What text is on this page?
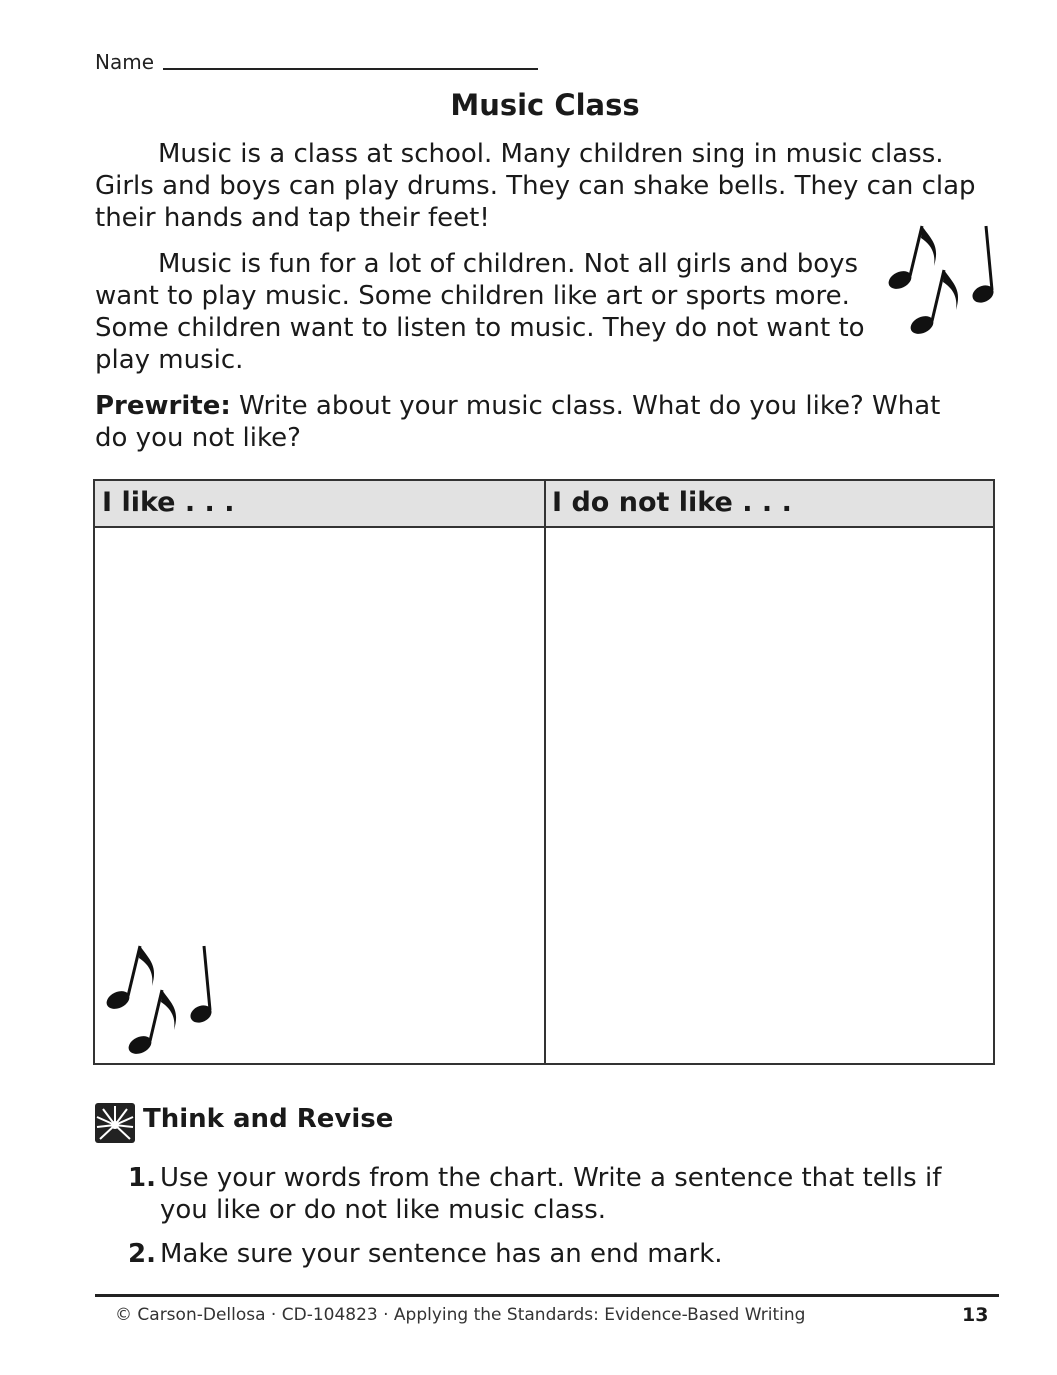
Name
Music Class

Music is a class at school. Many children sing in music class. Girls and boys can play drums. They can shake bells. They can clap their hands and tap their feet!

Music is fun for a lot of children. Not all girls and boys want to play music. Some children like art or sports more. Some children want to listen to music. They do not want to play music.

Prewrite: Write about your music class. What do you like? What do you not like?
I like . . .	I do not like . . .
Think and Revise
1. Use your words from the chart. Write a sentence that tells if you like or do not like music class.
2. Make sure your sentence has an end mark.
© Carson-Dellosa · CD-104823 · Applying the Standards: Evidence-Based Writing	13
